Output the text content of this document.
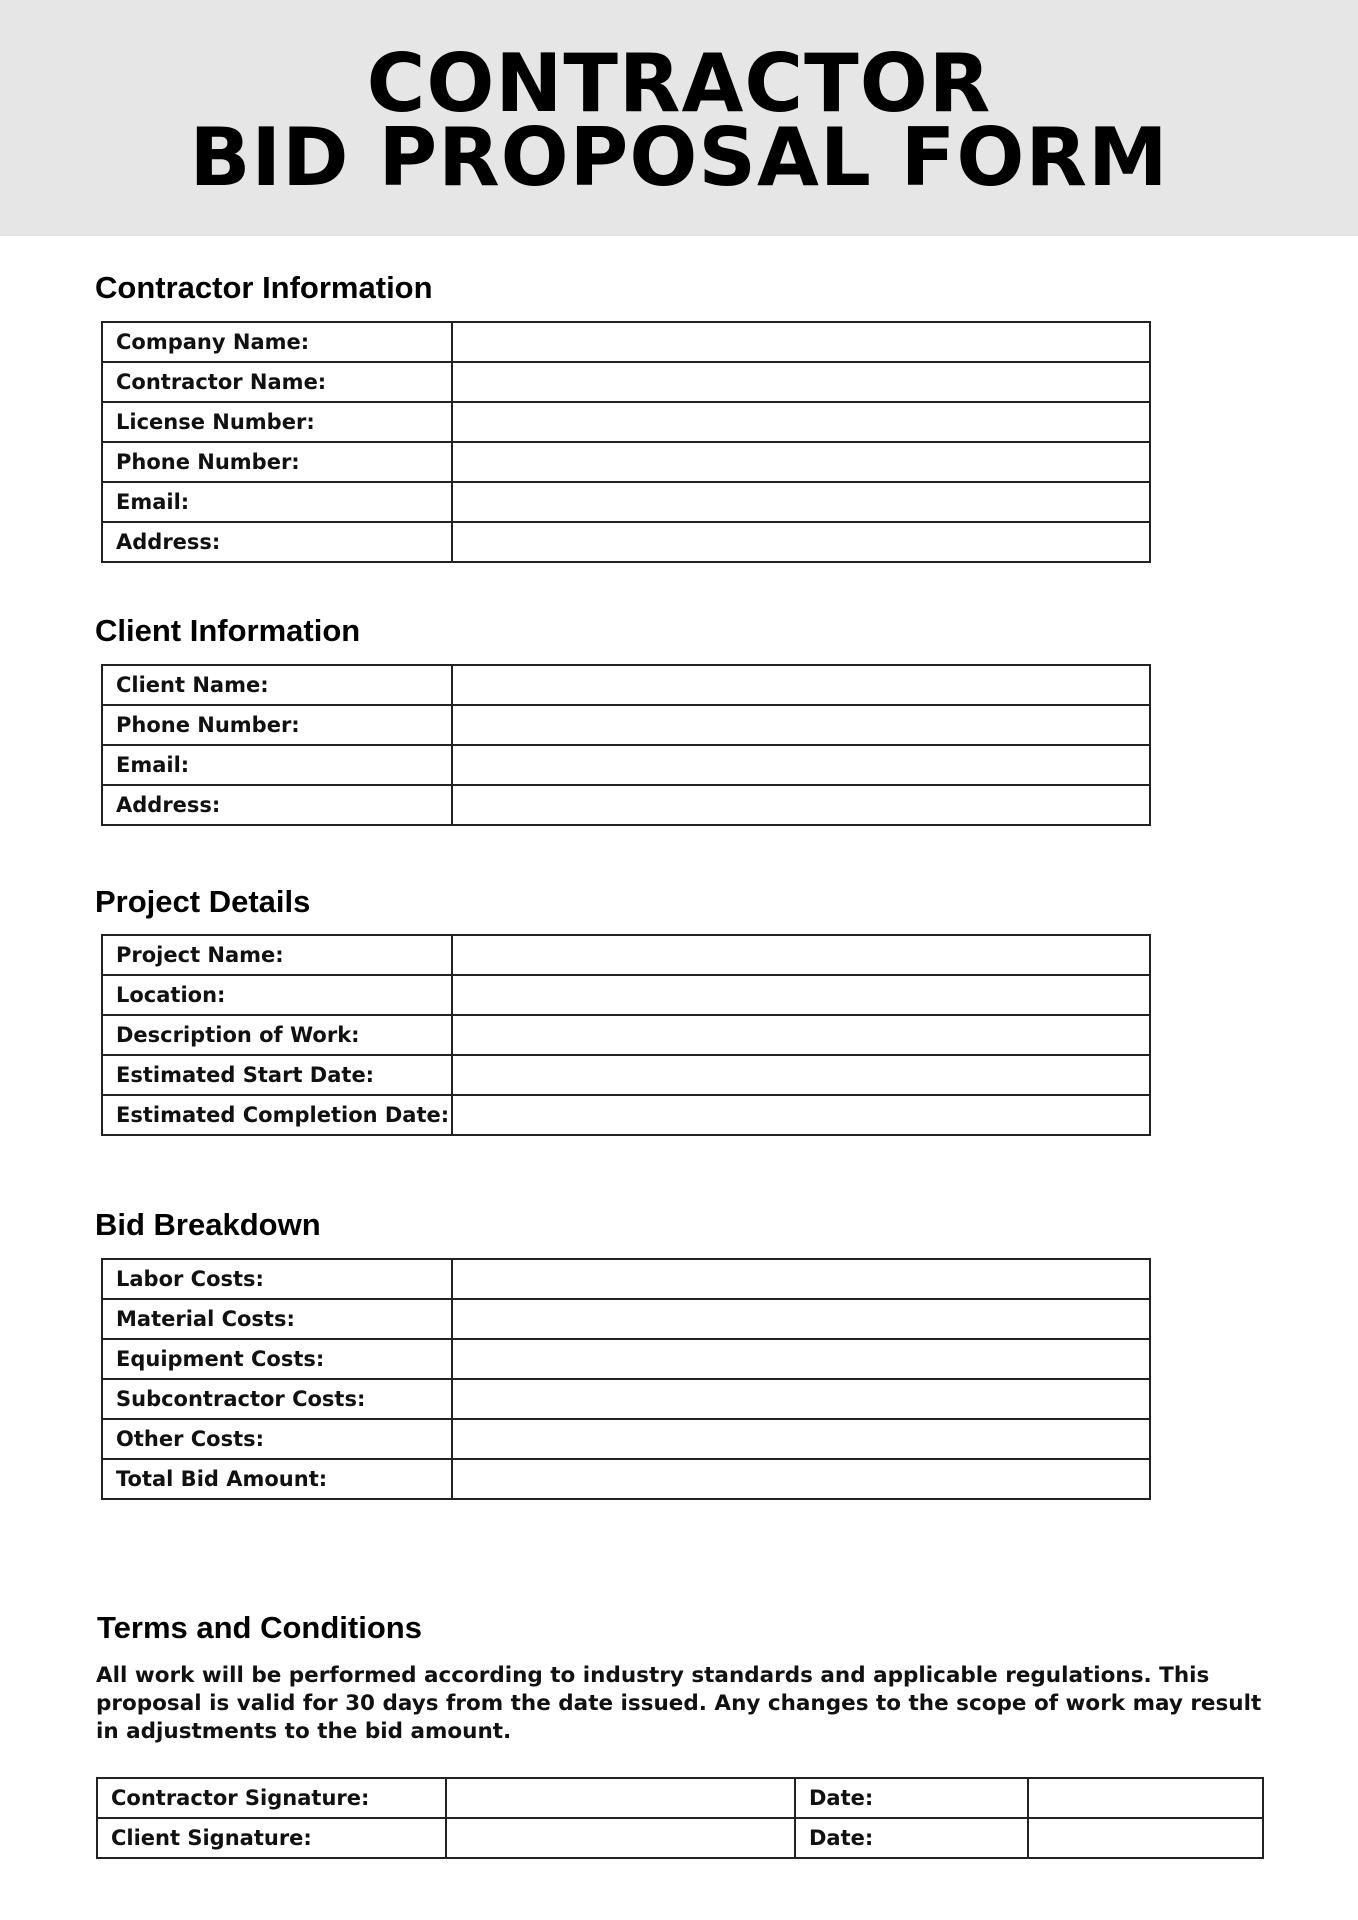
CONTRACTOR
BID PROPOSAL FORM
Contractor Information
Company Name:	
Contractor Name:	
License Number:	
Phone Number:	
Email:	
Address:	
Client Information
Client Name:	
Phone Number:	
Email:	
Address:	
Project Details
Project Name:	
Location:	
Description of Work:	
Estimated Start Date:	
Estimated Completion Date:	
Bid Breakdown
Labor Costs:	
Material Costs:	
Equipment Costs:	
Subcontractor Costs:	
Other Costs:	
Total Bid Amount:	
Terms and Conditions
All work will be performed according to industry standards and applicable regulations. This proposal is valid for 30 days from the date issued. Any changes to the scope of work may result in adjustments to the bid amount.
Contractor Signature:		Date:	
Client Signature:		Date:	
